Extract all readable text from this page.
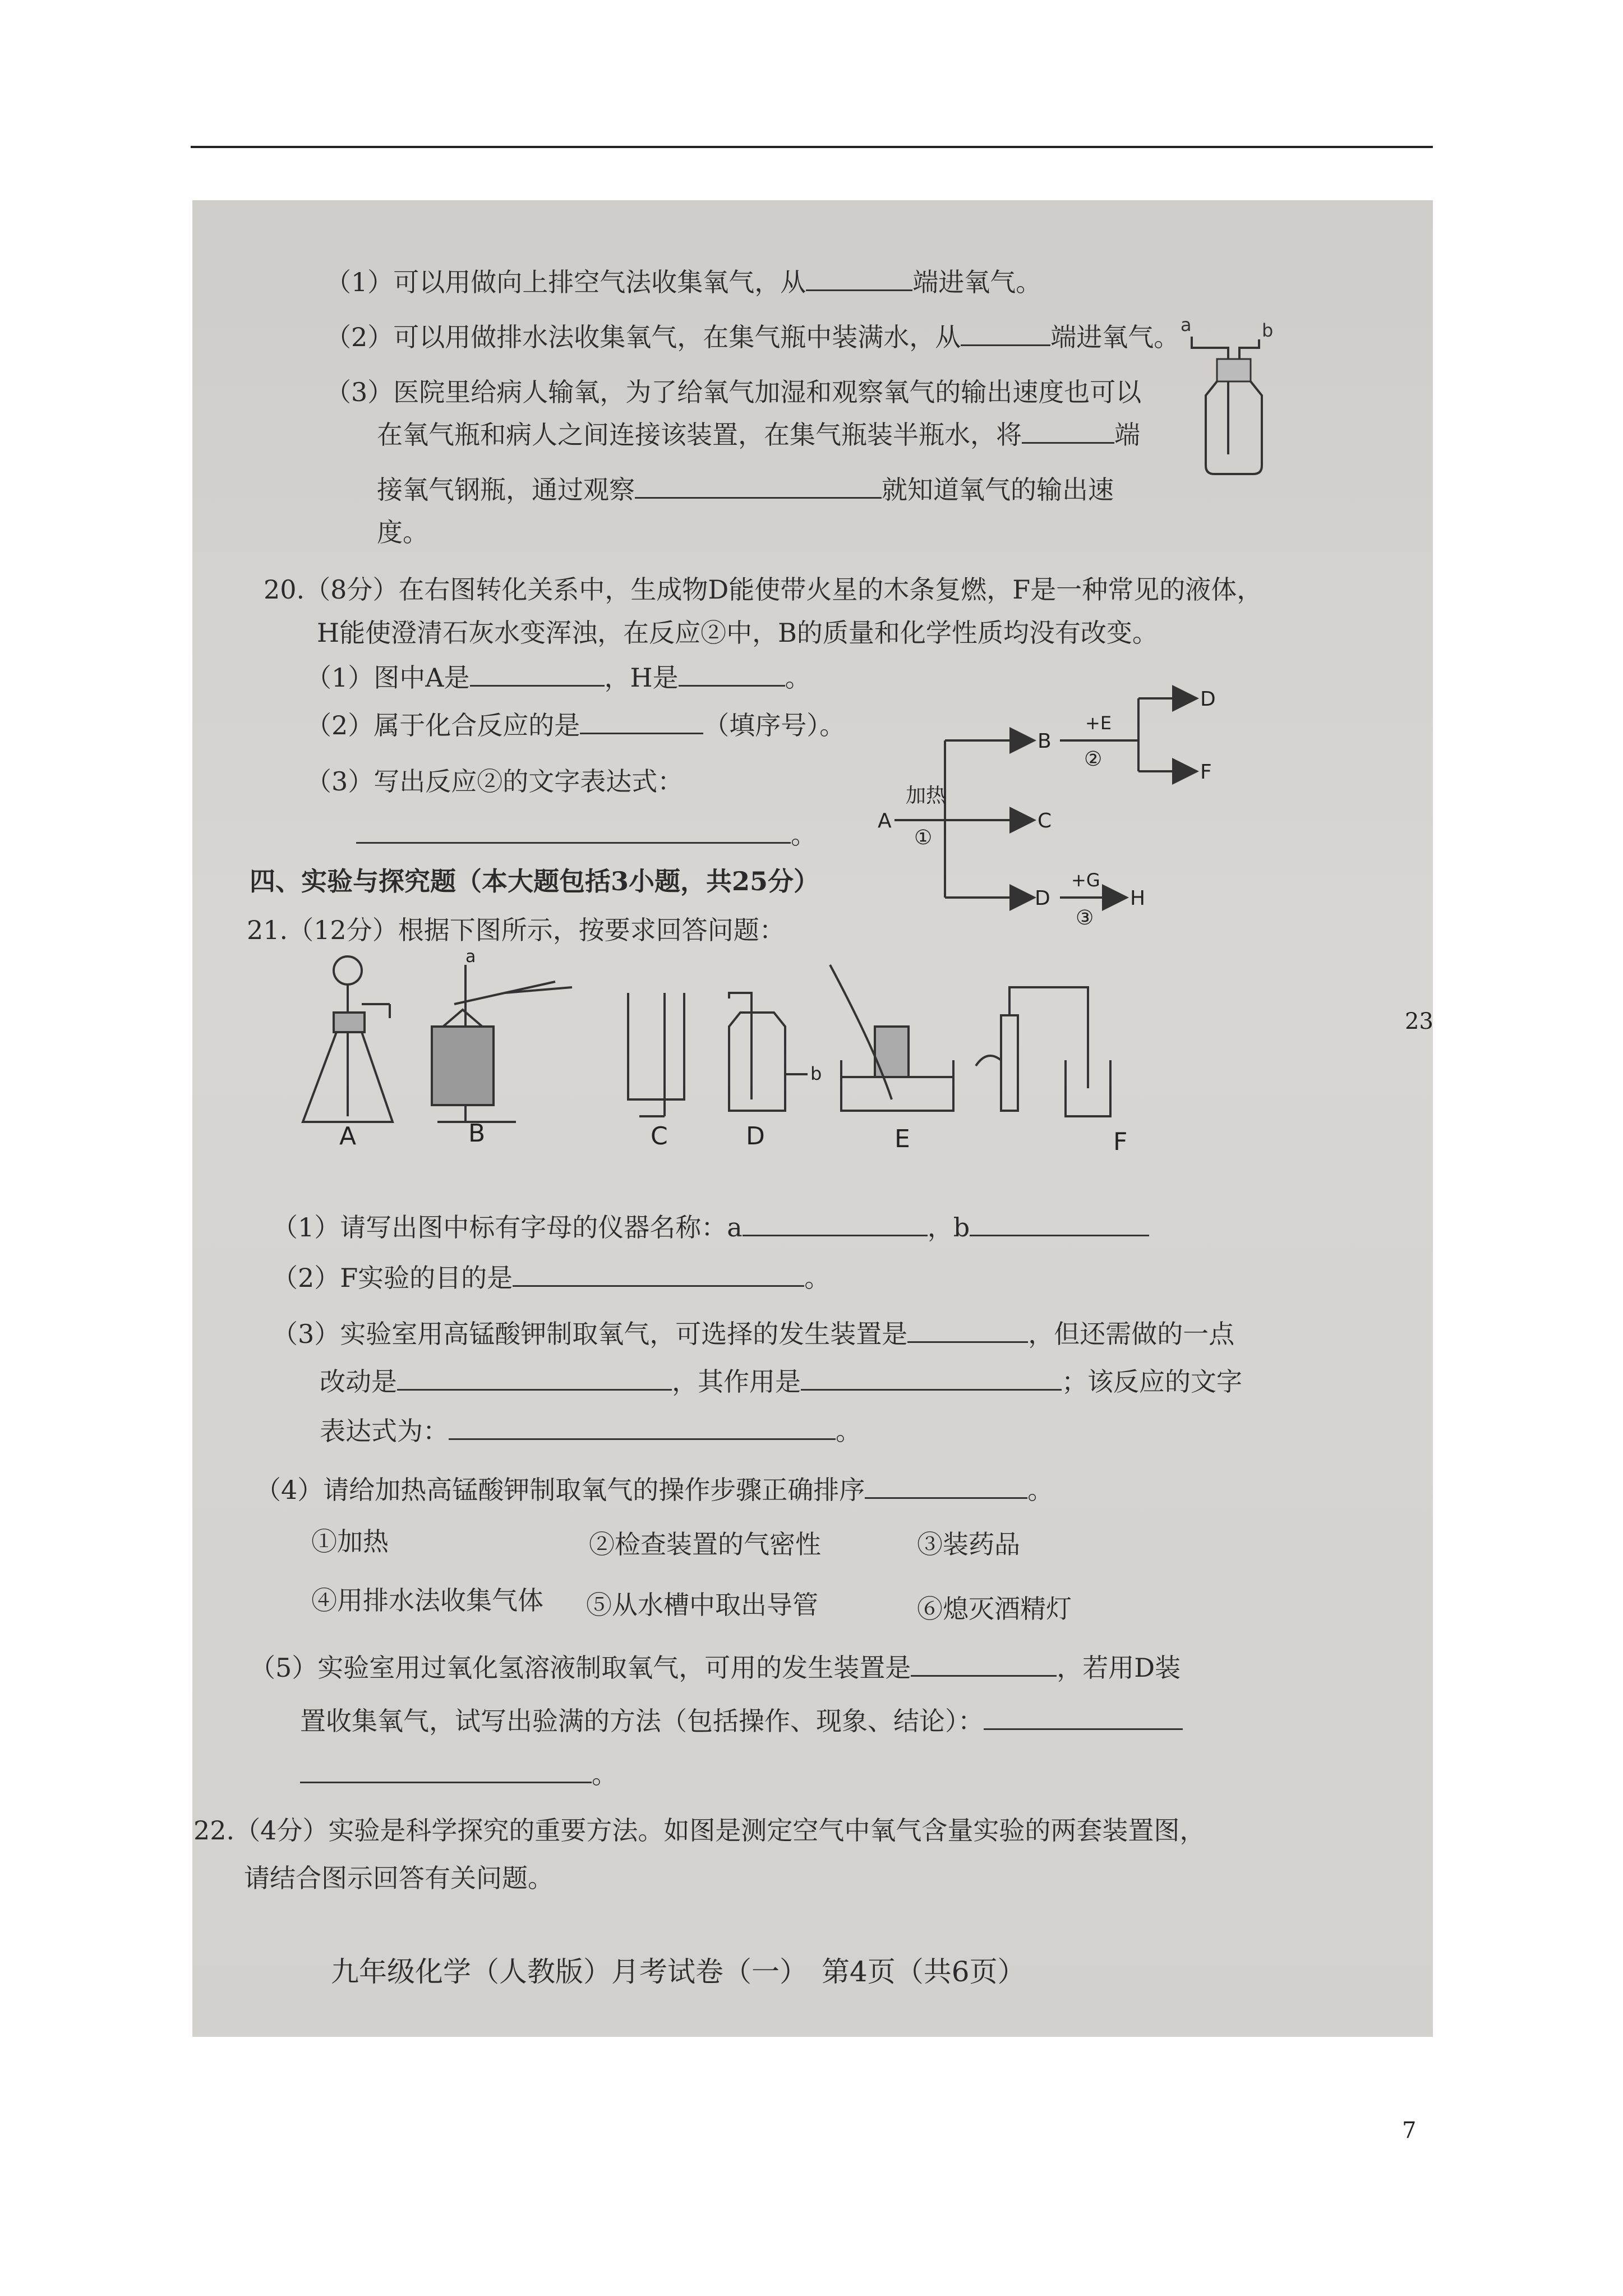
（1）可以用做向上排空气法收集氧气，从	端进氧气。
（2）可以用做排水法收集氧气，在集气瓶中装满水，从	端进氧气。
（3）医院里给病人输氧，为了给氧气加湿和观察氧气的输出速度也可以
在氧气瓶和病人之间连接该装置，在集气瓶装半瓶水，将	端
接氧气钢瓶，通过观察	就知道氧气的输出速
度。
a	b
20.（8分）在右图转化关系中，生成物D能使带火星的木条复燃，F是一种常见的液体，
H能使澄清石灰水变浑浊，在反应②中，B的质量和化学性质均没有改变。
（1）图中A是	，H是	。
（2）属于化合反应的是	（填序号）。
（3）写出反应②的文字表达式：
。	A
加热
①
B
C
D
+E
②
D
F
+G
③
H
四、实验与探究题（本大题包括3小题，共25分）
21.（12分）根据下图所示，按要求回答问题：
a
b
A	B	C	D	E	F
（1）请写出图中标有字母的仪器名称：a	，b
（2）F实验的目的是	。
（3）实验室用高锰酸钾制取氧气，可选择的发生装置是	，但还需做的一点
改动是	，其作用是	；该反应的文字
表达式为：	。
（4）请给加热高锰酸钾制取氧气的操作步骤正确排序	。
①加热	②检查装置的气密性	③装药品
④用排水法收集气体 ⑤从水槽中取出导管	⑥熄灭酒精灯
（5）实验室用过氧化氢溶液制取氧气，可用的发生装置是	，若用D装
置收集氧气，试写出验满的方法（包括操作、现象、结论）：
。
22.（4分）实验是科学探究的重要方法。如图是测定空气中氧气含量实验的两套装置图，
请结合图示回答有关问题。
九年级化学（人教版）月考试卷（一）　第4页（共6页）
23
7
